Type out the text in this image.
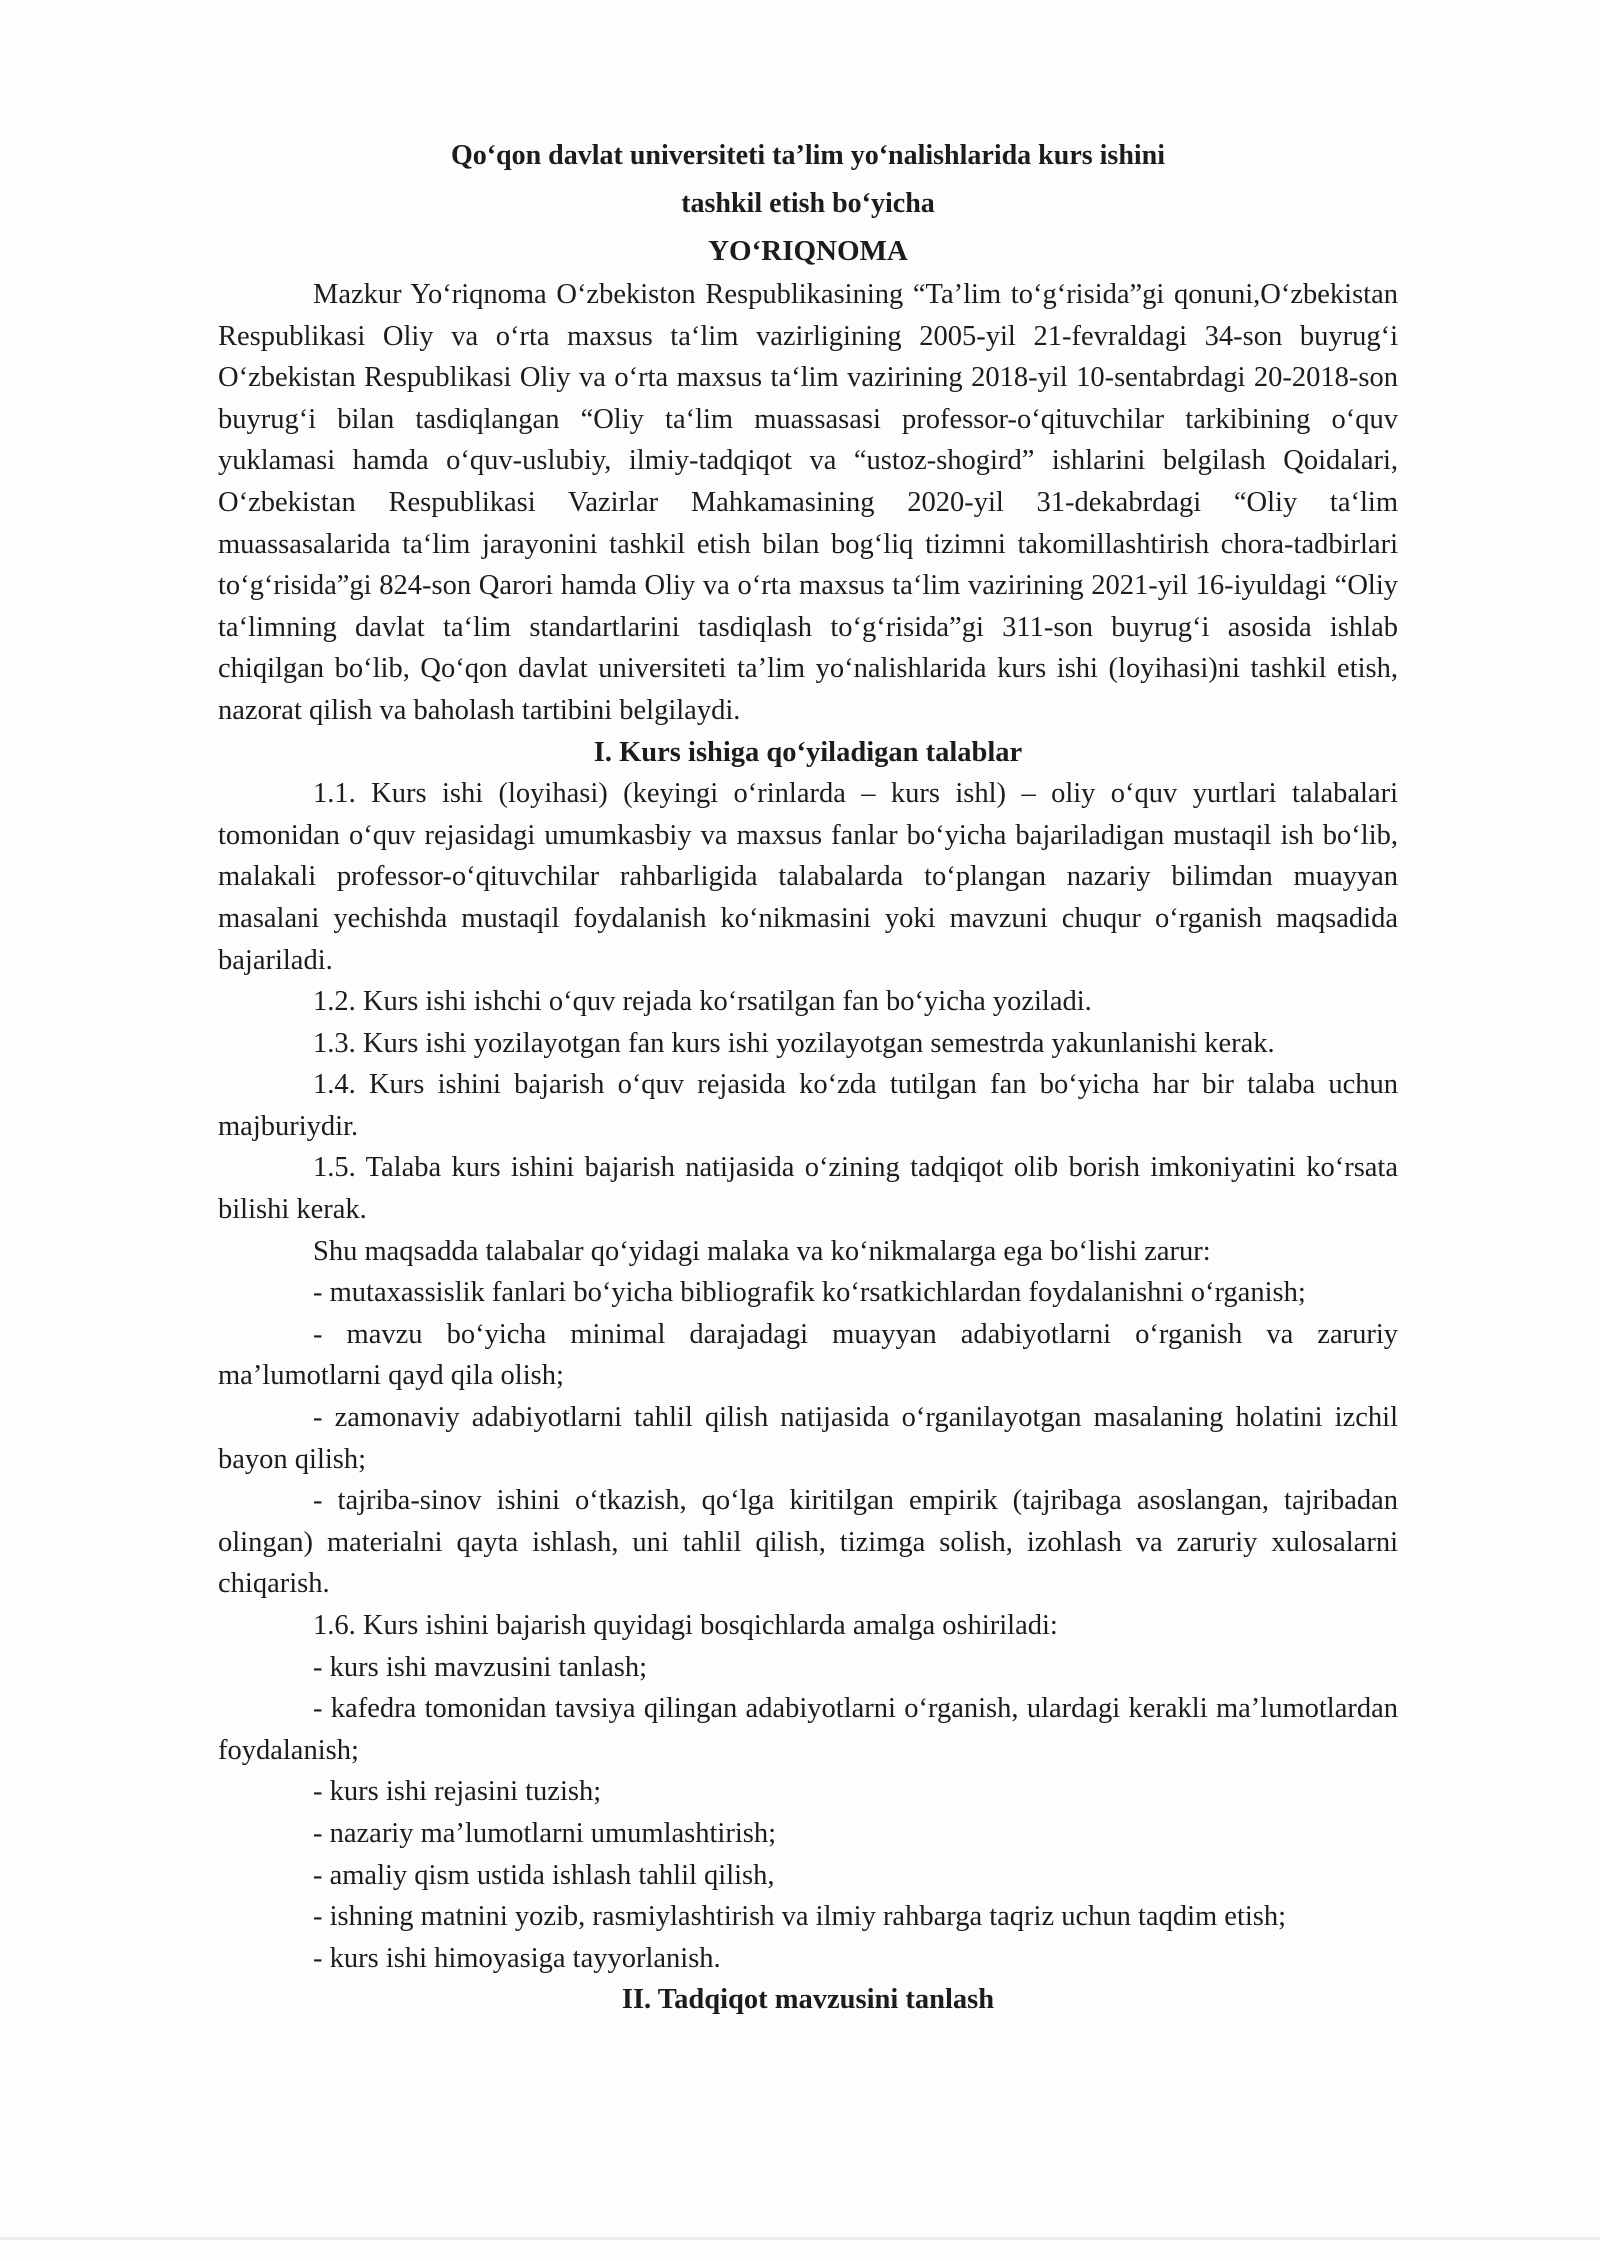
Qo‘qon davlat universiteti ta’lim yo‘nalishlarida kurs ishini

tashkil etish bo‘yicha

YO‘RIQNOMA

Mazkur Yo‘riqnoma O‘zbekiston Respublikasining “Ta’lim to‘g‘risida”gi qonuni,O‘zbekistan Respublikasi Oliy va o‘rta maxsus ta‘lim vazirligining 2005-yil 21-fevraldagi 34-son buyrug‘i O‘zbekistan Respublikasi Oliy va o‘rta maxsus ta‘lim vazirining 2018-yil 10-sentabrdagi 20-2018-son buyrug‘i bilan tasdiqlangan “Oliy ta‘lim muassasasi professor-o‘qituvchilar tarkibining o‘quv yuklamasi hamda o‘quv-uslubiy, ilmiy-tadqiqot va “ustoz-shogird” ishlarini belgilash Qoidalari, O‘zbekistan Respublikasi Vazirlar Mahkamasining 2020-yil 31-dekabrdagi “Oliy ta‘lim muassasalarida ta‘lim jarayonini tashkil etish bilan bog‘liq tizimni takomillashtirish chora-tadbirlari to‘g‘risida”gi 824-son Qarori hamda Oliy va o‘rta maxsus ta‘lim vazirining 2021-yil 16-iyuldagi “Oliy ta‘limning davlat ta‘lim standartlarini tasdiqlash to‘g‘risida”gi 311-son buyrug‘i asosida ishlab chiqilgan bo‘lib, Qo‘qon davlat universiteti ta’lim yo‘nalishlarida kurs ishi (loyihasi)ni tashkil etish, nazorat qilish va baholash tartibini belgilaydi.

I. Kurs ishiga qo‘yiladigan talablar

1.1. Kurs ishi (loyihasi) (keyingi o‘rinlarda – kurs ishl) – oliy o‘quv yurtlari talabalari tomonidan o‘quv rejasidagi umumkasbiy va maxsus fanlar bo‘yicha bajariladigan mustaqil ish bo‘lib, malakali professor-o‘qituvchilar rahbarligida talabalarda to‘plangan nazariy bilimdan muayyan masalani yechishda mustaqil foydalanish ko‘nikmasini yoki mavzuni chuqur o‘rganish maqsadida bajariladi.

1.2. Kurs ishi ishchi o‘quv rejada ko‘rsatilgan fan bo‘yicha yoziladi.

1.3. Kurs ishi yozilayotgan fan kurs ishi yozilayotgan semestrda yakunlanishi kerak.

1.4. Kurs ishini bajarish o‘quv rejasida ko‘zda tutilgan fan bo‘yicha har bir talaba uchun majburiydir.

1.5. Talaba kurs ishini bajarish natijasida o‘zining tadqiqot olib borish imkoniyatini ko‘rsata bilishi kerak.

Shu maqsadda talabalar qo‘yidagi malaka va ko‘nikmalarga ega bo‘lishi zarur:

- mutaxassislik fanlari bo‘yicha bibliografik ko‘rsatkichlardan foydalanishni o‘rganish;

- mavzu bo‘yicha minimal darajadagi muayyan adabiyotlarni o‘rganish va zaruriy ma’lumotlarni qayd qila olish;

- zamonaviy adabiyotlarni tahlil qilish natijasida o‘rganilayotgan masalaning holatini izchil bayon qilish;

- tajriba-sinov ishini o‘tkazish, qo‘lga kiritilgan empirik (tajribaga asoslangan, tajribadan olingan) materialni qayta ishlash, uni tahlil qilish, tizimga solish, izohlash va zaruriy xulosalarni chiqarish.

1.6. Kurs ishini bajarish quyidagi bosqichlarda amalga oshiriladi:

- kurs ishi mavzusini tanlash;

- kafedra tomonidan tavsiya qilingan adabiyotlarni o‘rganish, ulardagi kerakli ma’lumotlardan foydalanish;

- kurs ishi rejasini tuzish;

- nazariy ma’lumotlarni umumlashtirish;

- amaliy qism ustida ishlash tahlil qilish,

- ishning matnini yozib, rasmiylashtirish va ilmiy rahbarga taqriz uchun taqdim etish;

- kurs ishi himoyasiga tayyorlanish.

II. Tadqiqot mavzusini tanlash
